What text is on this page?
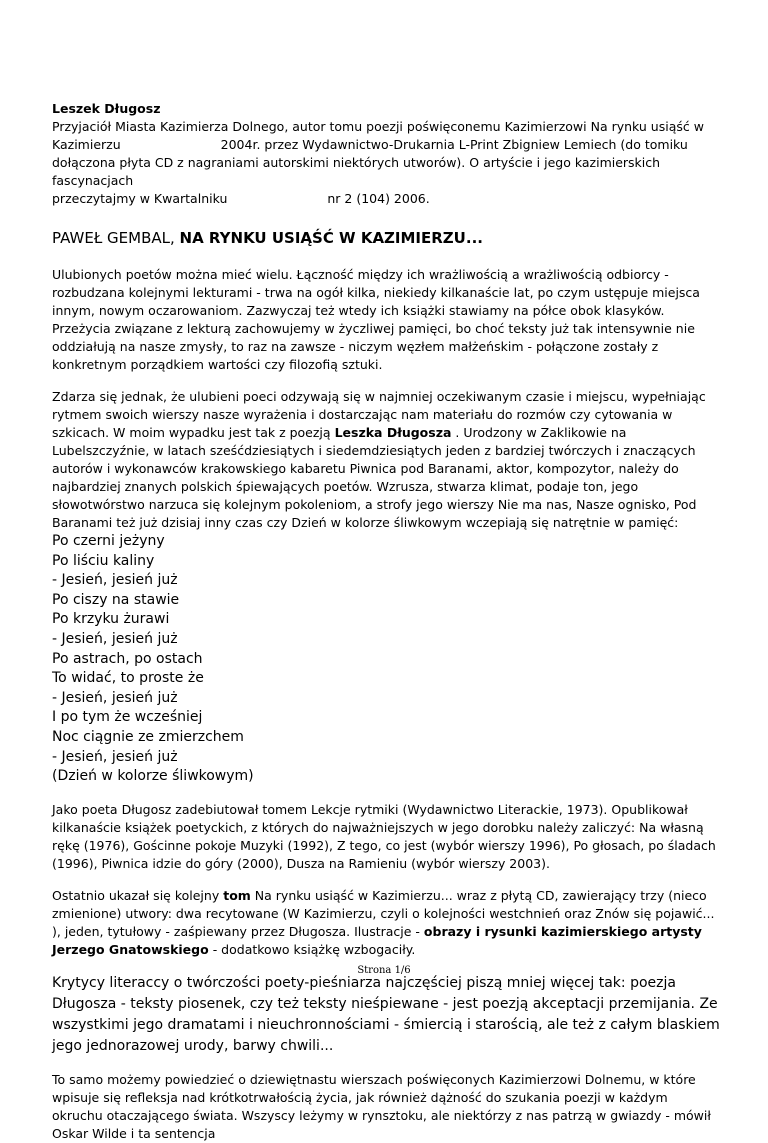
Leszek Długosz
Przyjaciół Miasta Kazimierza Dolnego, autor tomu poezji poświęconemu Kazimierzowi Na rynku usiąść w
Kazimierzu	2004r. przez Wydawnictwo-Drukarnia L-Print Zbigniew Lemiech (do tomiku
dołączona płyta CD z nagraniami autorskimi niektórych utworów). O artyście i jego kazimierskich fascynacjach
przeczytajmy w Kwartalniku	nr 2 (104) 2006.
PAWEŁ GEMBAL, NA RYNKU USIĄŚĆ W KAZIMIERZU...

Ulubionych poetów można mieć wielu. Łączność między ich wrażliwością a wrażliwością odbiorcy - rozbudzana kolejnymi lekturami - trwa na ogół kilka, niekiedy kilkanaście lat, po czym ustępuje miejsca innym, nowym oczarowaniom. Zazwyczaj też wtedy ich książki stawiamy na półce obok klasyków. Przeżycia związane z lekturą zachowujemy w życzliwej pamięci, bo choć teksty już tak intensywnie nie oddziałują na nasze zmysły, to raz na zawsze - niczym węzłem małżeńskim - połączone zostały z konkretnym porządkiem wartości czy filozofią sztuki.

Zdarza się jednak, że ulubieni poeci odzywają się w najmniej oczekiwanym czasie i miejscu, wypełniając rytmem swoich wierszy nasze wyrażenia i dostarczając nam materiału do rozmów czy cytowania w szkicach. W moim wypadku jest tak z poezją Leszka Długosza . Urodzony w Zaklikowie na Lubelszczyźnie, w latach sześćdziesiątych i siedemdziesiątych jeden z bardziej twórczych i znaczących autorów i wykonawców krakowskiego kabaretu Piwnica pod Baranami, aktor, kompozytor, należy do najbardziej znanych polskich śpiewających poetów. Wzrusza, stwarza klimat, podaje ton, jego słowotwórstwo narzuca się kolejnym pokoleniom, a strofy jego wierszy Nie ma nas, Nasze ognisko, Pod Baranami też już dzisiaj inny czas czy Dzień w kolorze śliwkowym wczepiają się natrętnie w pamięć:

Po czerni jeżyny
Po liściu kaliny
- Jesień, jesień już
Po ciszy na stawie
Po krzyku żurawi
- Jesień, jesień już
Po astrach, po ostach
To widać, to proste że
- Jesień, jesień już
I po tym że wcześniej
Noc ciągnie ze zmierzchem
- Jesień, jesień już
(Dzień w kolorze śliwkowym)

Jako poeta Długosz zadebiutował tomem Lekcje rytmiki (Wydawnictwo Literackie, 1973). Opublikował kilkanaście książek poetyckich, z których do najważniejszych w jego dorobku należy zaliczyć: Na własną rękę (1976), Gościnne pokoje Muzyki (1992), Z tego, co jest (wybór wierszy 1996), Po głosach, po śladach (1996), Piwnica idzie do góry (2000), Dusza na Ramieniu (wybór wierszy 2003).

Ostatnio ukazał się kolejny tom Na rynku usiąść w Kazimierzu... wraz z płytą CD, zawierający trzy (nieco zmienione) utwory: dwa recytowane (W Kazimierzu, czyli o kolejności westchnień oraz Znów się pojawić... ), jeden, tytułowy - zaśpiewany przez Długosza. Ilustracje - obrazy i rysunki kazimierskiego artysty Jerzego Gnatowskiego - dodatkowo książkę wzbogaciły.

Krytycy literaccy o twórczości poety-pieśniarza najczęściej piszą mniej więcej tak: poezja Długosza - teksty piosenek, czy też teksty nieśpiewane - jest poezją akceptacji przemijania. Ze wszystkimi jego dramatami i nieuchronnościami - śmiercią i starością, ale też z całym blaskiem jego jednorazowej urody, barwy chwili...

To samo możemy powiedzieć o dziewiętnastu wierszach poświęconych Kazimierzowi Dolnemu, w które wpisuje się refleksja nad krótkotrwałością życia, jak również dążność do szukania poezji w każdym okruchu otaczającego świata. Wszyscy leżymy w rynsztoku, ale niektórzy z nas patrzą w gwiazdy - mówił Oskar Wilde i ta sentencja

Strona 1/6
